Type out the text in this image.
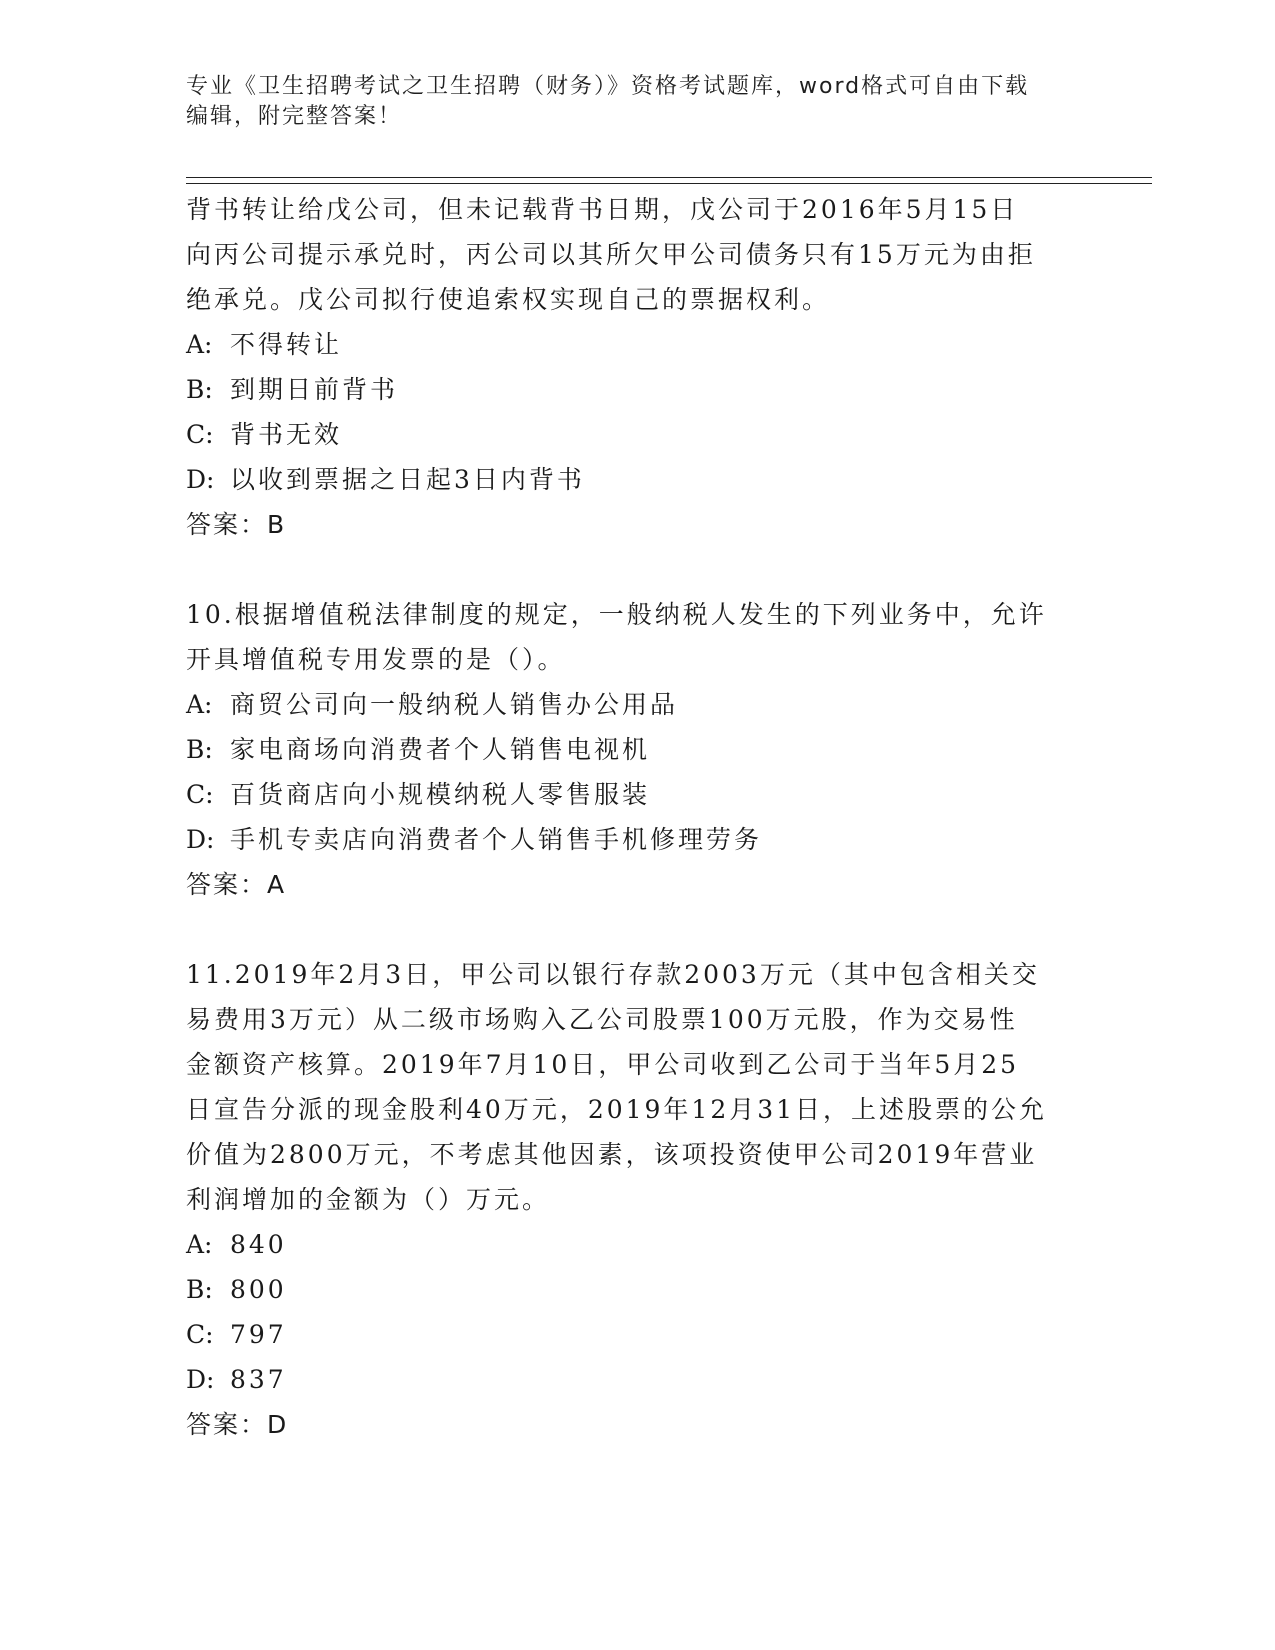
专业《卫生招聘考试之卫生招聘（财务）》资格考试题库，word格式可自由下载
编辑，附完整答案！

背书转让给戊公司，但未记载背书日期，戊公司于2016年5月15日

向丙公司提示承兑时，丙公司以其所欠甲公司债务只有15万元为由拒

绝承兑。戊公司拟行使追索权实现自己的票据权利。

A: 不得转让

B: 到期日前背书

C: 背书无效

D: 以收到票据之日起3日内背书

答案：B

10.根据增值税法律制度的规定，一般纳税人发生的下列业务中，允许

开具增值税专用发票的是（）。

A: 商贸公司向一般纳税人销售办公用品

B: 家电商场向消费者个人销售电视机

C: 百货商店向小规模纳税人零售服装

D: 手机专卖店向消费者个人销售手机修理劳务

答案：A

11.2019年2月3日，甲公司以银行存款2003万元（其中包含相关交

易费用3万元）从二级市场购入乙公司股票100万元股，作为交易性

金额资产核算。2019年7月10日，甲公司收到乙公司于当年5月25

日宣告分派的现金股利40万元，2019年12月31日，上述股票的公允

价值为2800万元，不考虑其他因素，该项投资使甲公司2019年营业

利润增加的金额为（）万元。

A: 840

B: 800

C: 797

D: 837

答案：D
